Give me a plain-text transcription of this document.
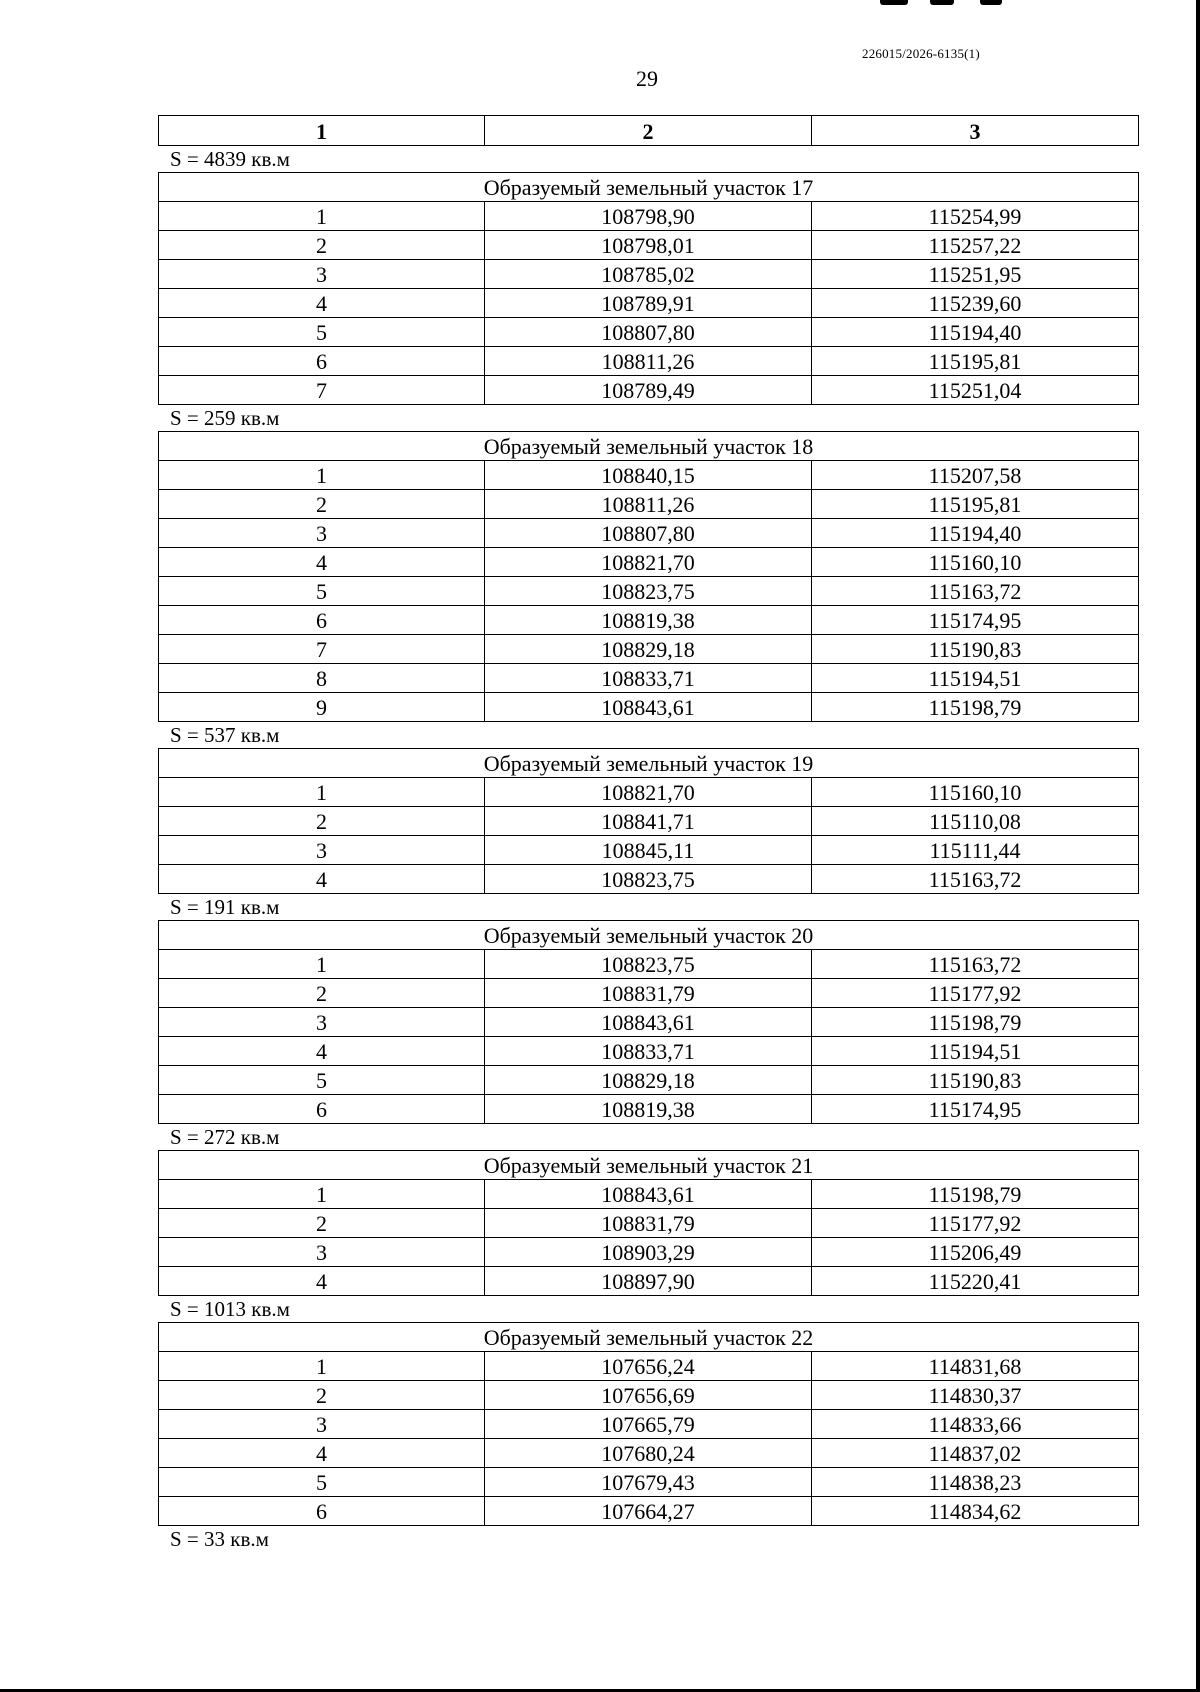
226015/2026-6135(1)
29
1	2	3
S = 4839 кв.м
Образуемый земельный участок 17		
1	108798,90	115254,99
2	108798,01	115257,22
3	108785,02	115251,95
4	108789,91	115239,60
5	108807,80	115194,40
6	108811,26	115195,81
7	108789,49	115251,04
S = 259 кв.м
Образуемый земельный участок 18		
1	108840,15	115207,58
2	108811,26	115195,81
3	108807,80	115194,40
4	108821,70	115160,10
5	108823,75	115163,72
6	108819,38	115174,95
7	108829,18	115190,83
8	108833,71	115194,51
9	108843,61	115198,79
S = 537 кв.м
Образуемый земельный участок 19		
1	108821,70	115160,10
2	108841,71	115110,08
3	108845,11	115111,44
4	108823,75	115163,72
S = 191 кв.м
Образуемый земельный участок 20		
1	108823,75	115163,72
2	108831,79	115177,92
3	108843,61	115198,79
4	108833,71	115194,51
5	108829,18	115190,83
6	108819,38	115174,95
S = 272 кв.м
Образуемый земельный участок 21		
1	108843,61	115198,79
2	108831,79	115177,92
3	108903,29	115206,49
4	108897,90	115220,41
S = 1013 кв.м
Образуемый земельный участок 22		
1	107656,24	114831,68
2	107656,69	114830,37
3	107665,79	114833,66
4	107680,24	114837,02
5	107679,43	114838,23
6	107664,27	114834,62
S = 33 кв.м
